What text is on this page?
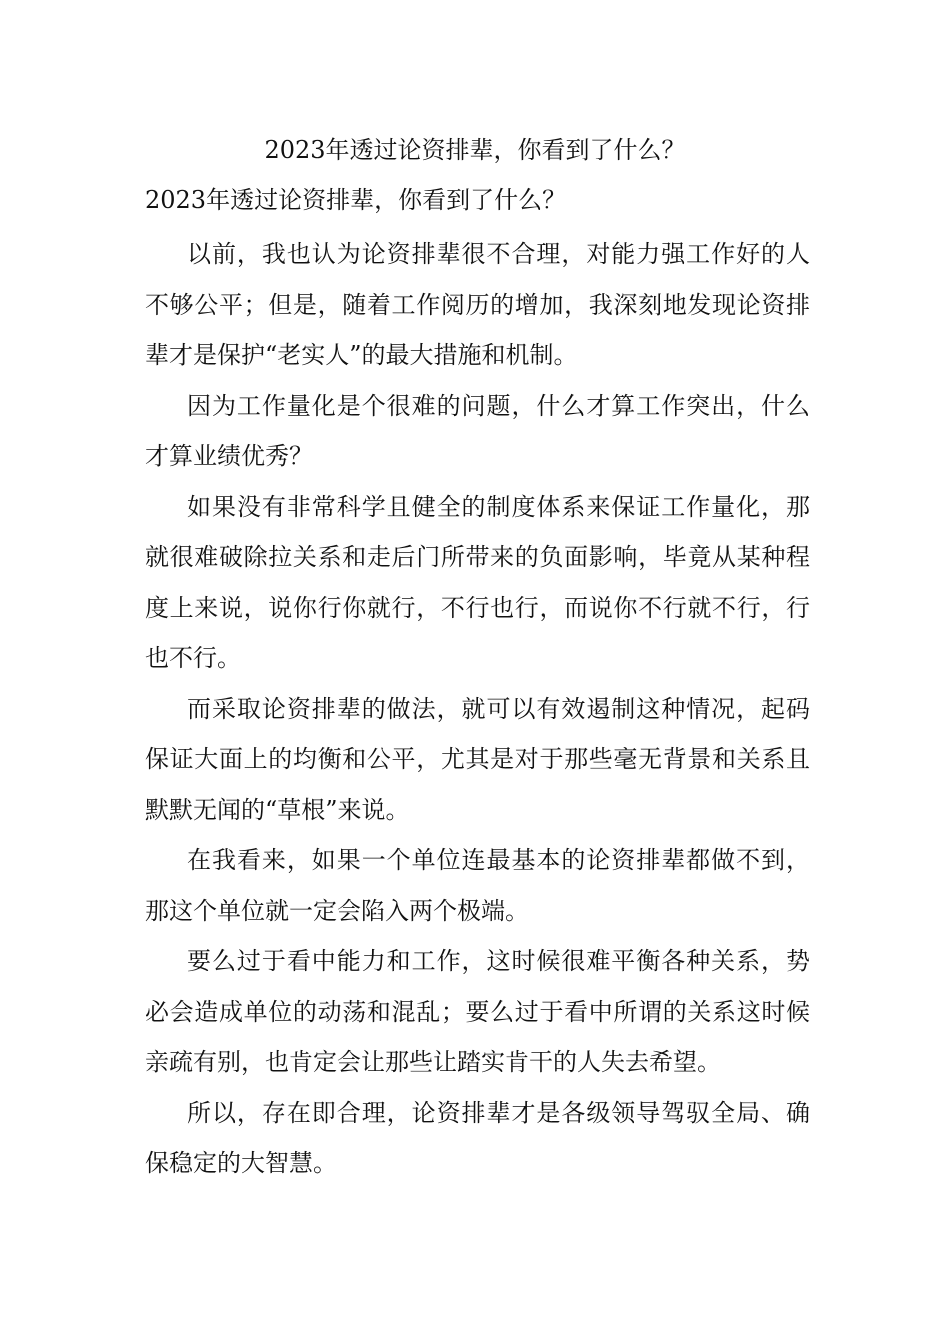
2023年透过论资排辈，你看到了什么？
2023年透过论资排辈，你看到了什么？

以前，我也认为论资排辈很不合理，对能力强工作好的人不够公平；但是，随着工作阅历的增加，我深刻地发现论资排辈才是保护“老实人”的最大措施和机制。

因为工作量化是个很难的问题，什么才算工作突出，什么才算业绩优秀？

如果没有非常科学且健全的制度体系来保证工作量化，那就很难破除拉关系和走后门所带来的负面影响，毕竟从某种程度上来说，说你行你就行，不行也行，而说你不行就不行，行也不行。

而采取论资排辈的做法，就可以有效遏制这种情况，起码保证大面上的均衡和公平，尤其是对于那些毫无背景和关系且默默无闻的“草根”来说。

在我看来，如果一个单位连最基本的论资排辈都做不到，那这个单位就一定会陷入两个极端。

要么过于看中能力和工作，这时候很难平衡各种关系，势必会造成单位的动荡和混乱；要么过于看中所谓的关系这时候亲疏有别，也肯定会让那些让踏实肯干的人失去希望。

所以，存在即合理，论资排辈才是各级领导驾驭全局、确保稳定的大智慧。
